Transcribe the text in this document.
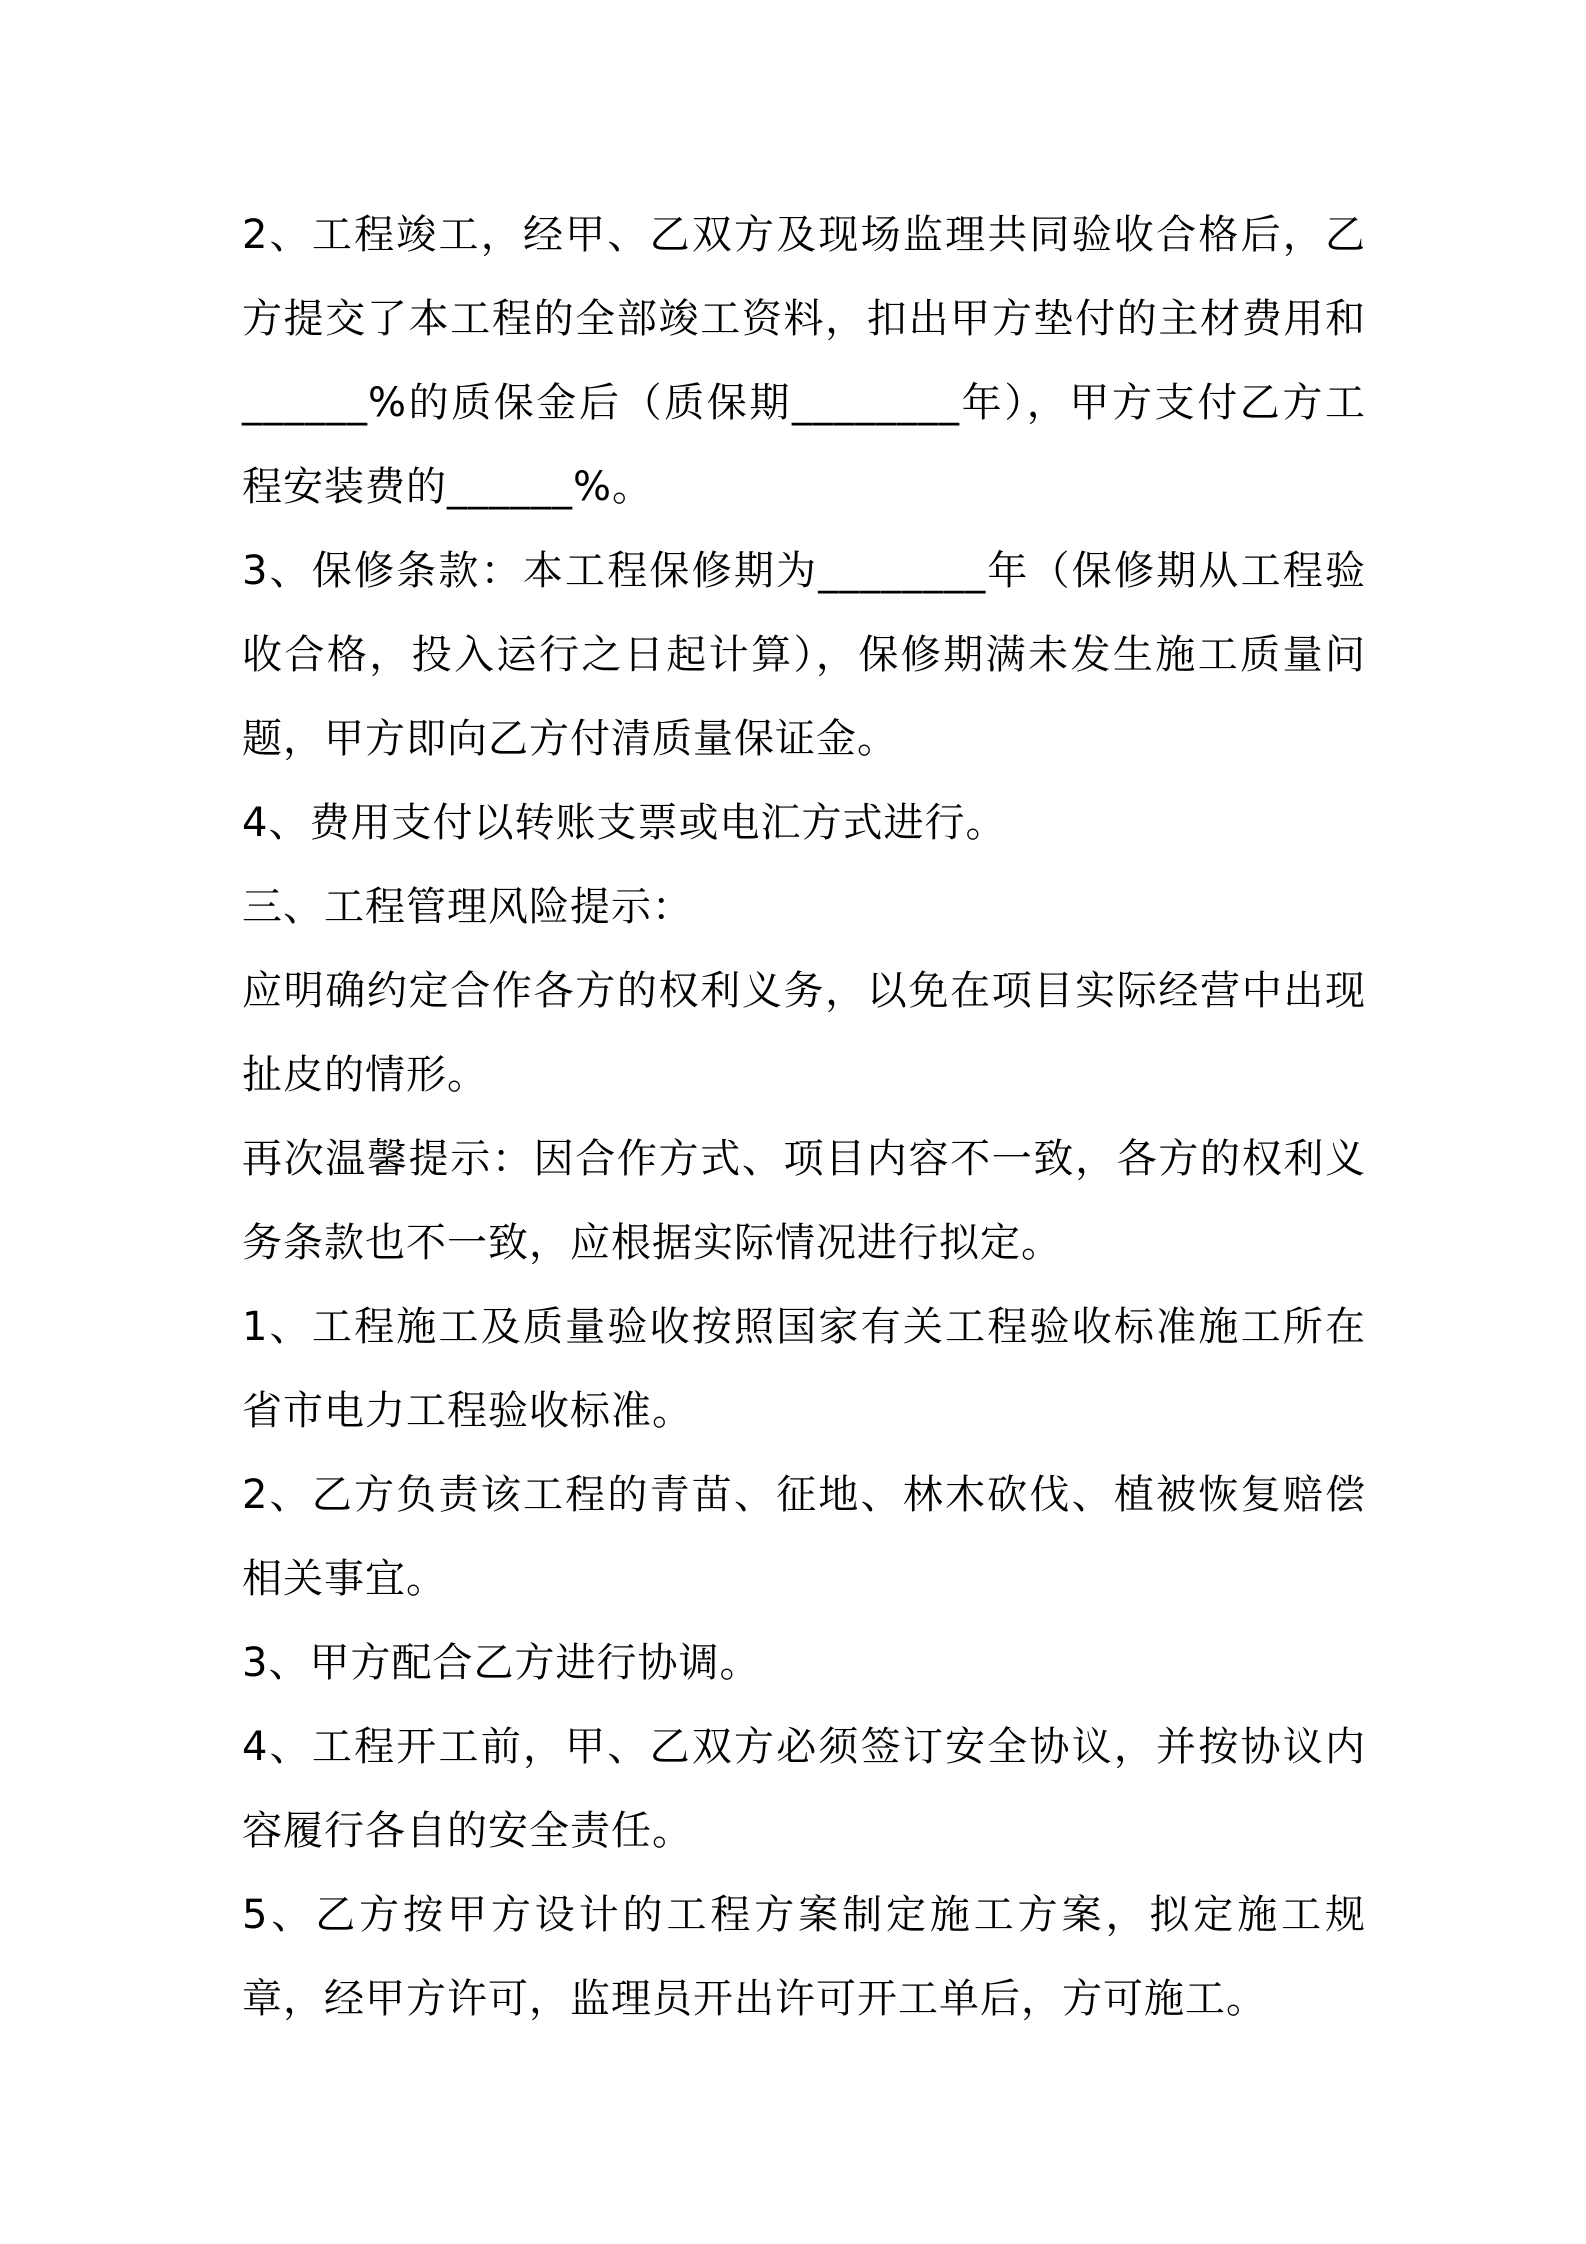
2、工程竣工，经甲、乙双方及现场监理共同验收合格后，乙方提交了本工程的全部竣工资料，扣出甲方垫付的主材费用和______%的质保金后（质保期________年），甲方支付乙方工程安装费的______%。

3、保修条款：本工程保修期为________年（保修期从工程验收合格，投入运行之日起计算），保修期满未发生施工质量问题，甲方即向乙方付清质量保证金。

4、费用支付以转账支票或电汇方式进行。

三、工程管理风险提示：

应明确约定合作各方的权利义务，以免在项目实际经营中出现扯皮的情形。

再次温馨提示：因合作方式、项目内容不一致，各方的权利义务条款也不一致，应根据实际情况进行拟定。

1、工程施工及质量验收按照国家有关工程验收标准施工所在省市电力工程验收标准。

2、乙方负责该工程的青苗、征地、林木砍伐、植被恢复赔偿相关事宜。

3、甲方配合乙方进行协调。

4、工程开工前，甲、乙双方必须签订安全协议，并按协议内容履行各自的安全责任。

5、乙方按甲方设计的工程方案制定施工方案，拟定施工规章，经甲方许可，监理员开出许可开工单后，方可施工。
